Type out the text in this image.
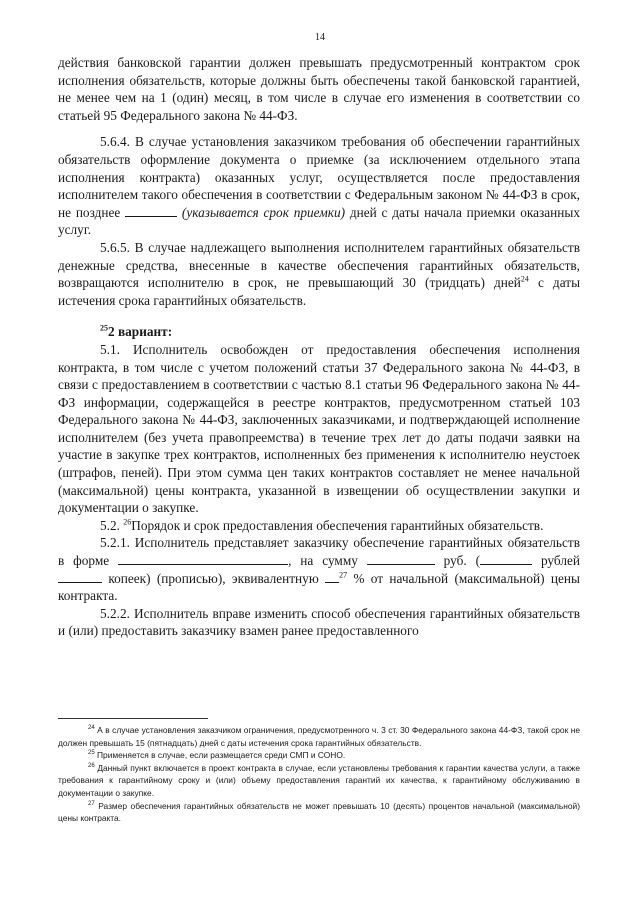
14

действия банковской гарантии должен превышать предусмотренный контрактом срок исполнения обязательств, которые должны быть обеспечены такой банковской гарантией, не менее чем на 1 (один) месяц, в том числе в случае его изменения в соответствии со статьей 95 Федерального закона № 44-ФЗ.

5.6.4. В случае установления заказчиком требования об обеспечении гарантийных обязательств оформление документа о приемке (за исключением отдельного этапа исполнения контракта) оказанных услуг, осуществляется после предоставления исполнителем такого обеспечения в соответствии с Федеральным законом № 44-ФЗ в срок, не позднее	(указывается срок приемки) дней с даты начала приемки оказанных услуг.

5.6.5. В случае надлежащего выполнения исполнителем гарантийных обязательств денежные средства, внесенные в качестве обеспечения гарантийных обязательств, возвращаются исполнителю в срок, не превышающий 30 (тридцать) дней$^{24}$ с даты истечения срока гарантийных обязательств.

$^{25}$2 вариант:

5.1. Исполнитель освобожден от предоставления обеспечения исполнения контракта, в том числе с учетом положений статьи 37 Федерального закона № 44-ФЗ, в связи с предоставлением в соответствии с частью 8.1 статьи 96 Федерального закона № 44-ФЗ информации, содержащейся в реестре контрактов, предусмотренном статьей 103 Федерального закона № 44-ФЗ, заключенных заказчиками, и подтверждающей исполнение исполнителем (без учета правопреемства) в течение трех лет до даты подачи заявки на участие в закупке трех контрактов, исполненных без применения к исполнителю неустоек (штрафов, пеней). При этом сумма цен таких контрактов составляет не менее начальной (максимальной) цены контракта, указанной в извещении об осуществлении закупки и документации о закупке.

5.2. $^{26}$Порядок и срок предоставления обеспечения гарантийных обязательств.

5.2.1. Исполнитель представляет заказчику обеспечение гарантийных обязательств в форме	, на сумму	руб. (	рублей  копеек) (прописью), эквивалентную	$^{27}$ % от начальной (максимальной) цены контракта.

5.2.2. Исполнитель вправе изменить способ обеспечения гарантийных обязательств и (или) предоставить заказчику взамен ранее предоставленного

$^{24}$ А в случае установления заказчиком ограничения, предусмотренного ч. 3 ст. 30 Федерального закона 44-ФЗ, такой срок не должен превышать 15 (пятнадцать) дней с даты истечения срока гарантийных обязательств.

$^{25}$ Применяется в случае, если размещается среди СМП и СОНО.

$^{26}$ Данный пункт включается в проект контракта в случае, если установлены требования к гарантии качества услуги, а также требования к гарантийному сроку и (или) объему предоставления гарантий их качества, к гарантийному обслуживанию в документации о закупке.

$^{27}$ Размер обеспечения гарантийных обязательств не может превышать 10 (десять) процентов начальной (максимальной) цены контракта.
